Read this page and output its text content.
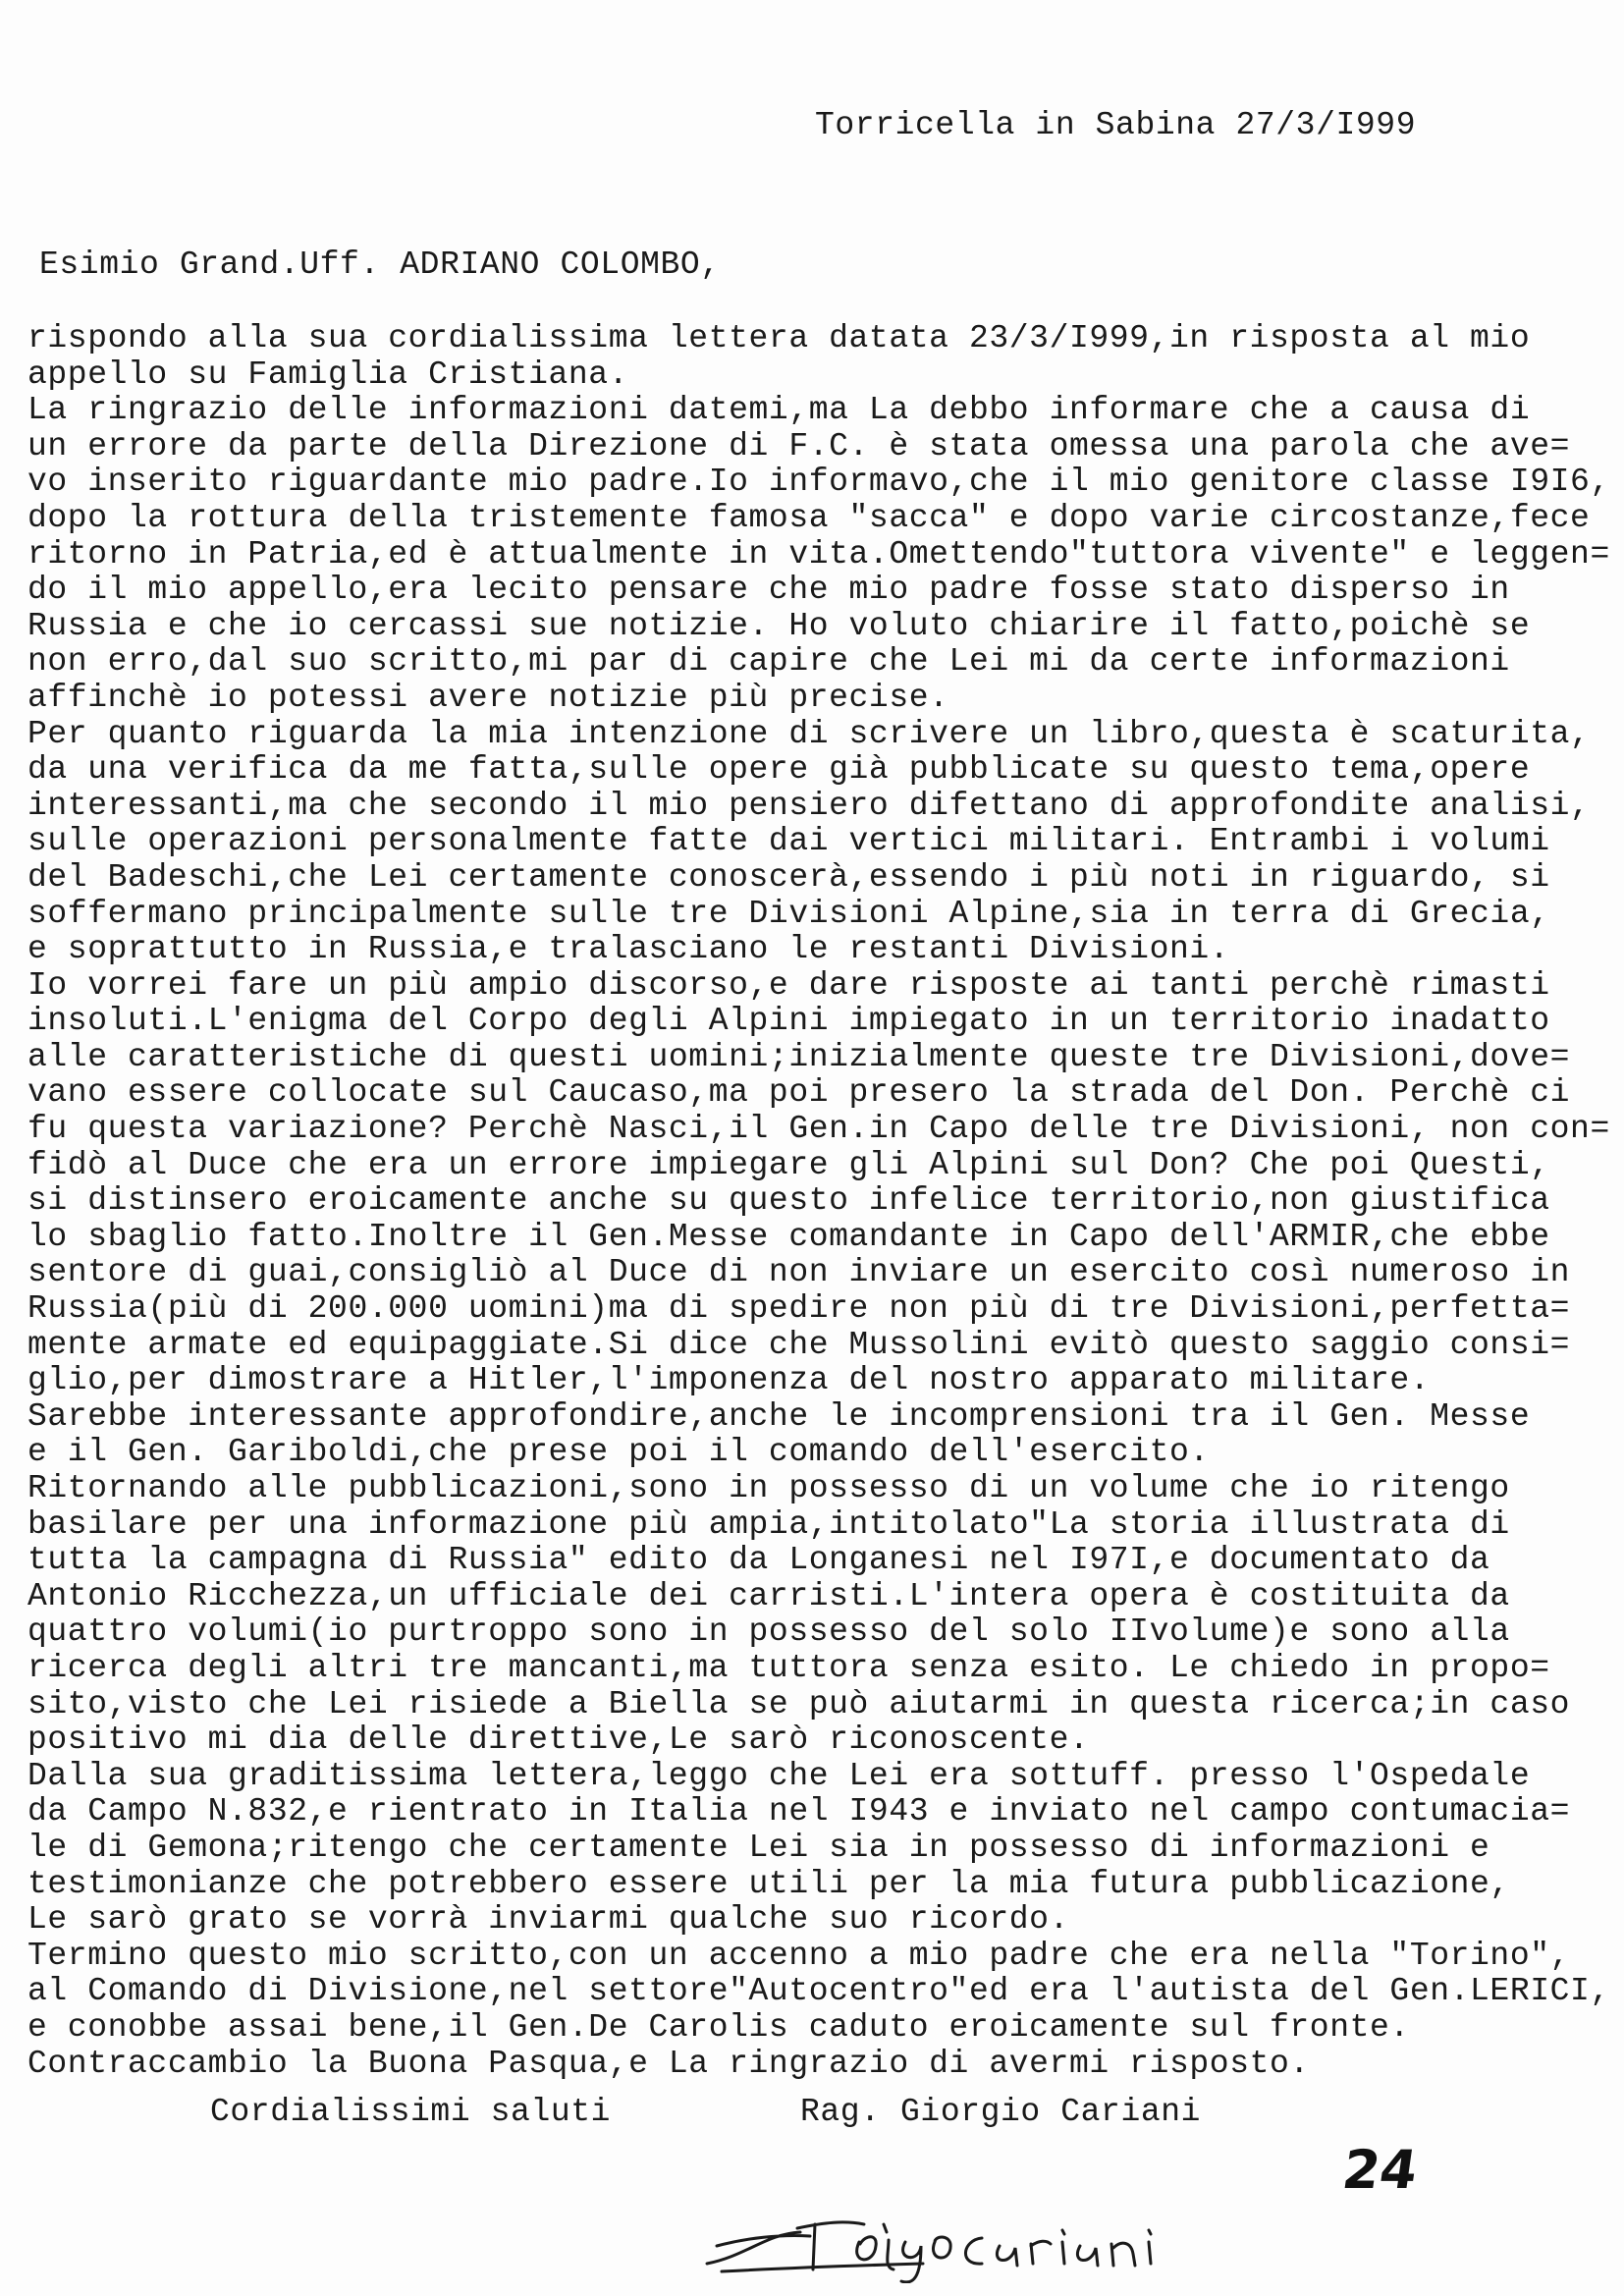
Torricella in Sabina 27/3/I999
Esimio Grand.Uff. ADRIANO COLOMBO,
rispondo alla sua cordialissima lettera datata 23/3/I999,in risposta al mio
appello su Famiglia Cristiana.
La ringrazio delle informazioni datemi,ma La debbo informare che a causa di
un errore da parte della Direzione di F.C. è stata omessa una parola che ave=
vo inserito riguardante mio padre.Io informavo,che il mio genitore classe I9I6,
dopo la rottura della tristemente famosa "sacca" e dopo varie circostanze,fece
ritorno in Patria,ed è attualmente in vita.Omettendo"tuttora vivente" e leggen=
do il mio appello,era lecito pensare che mio padre fosse stato disperso in
Russia e che io cercassi sue notizie. Ho voluto chiarire il fatto,poichè se
non erro,dal suo scritto,mi par di capire che Lei mi da certe informazioni
affinchè io potessi avere notizie più precise.
Per quanto riguarda la mia intenzione di scrivere un libro,questa è scaturita,
da una verifica da me fatta,sulle opere già pubblicate su questo tema,opere
interessanti,ma che secondo il mio pensiero difettano di approfondite analisi,
sulle operazioni personalmente fatte dai vertici militari. Entrambi i volumi
del Badeschi,che Lei certamente conoscerà,essendo i più noti in riguardo, si
soffermano principalmente sulle tre Divisioni Alpine,sia in terra di Grecia,
e soprattutto in Russia,e tralasciano le restanti Divisioni.
Io vorrei fare un più ampio discorso,e dare risposte ai tanti perchè rimasti
insoluti.L'enigma del Corpo degli Alpini impiegato in un territorio inadatto
alle caratteristiche di questi uomini;inizialmente queste tre Divisioni,dove=
vano essere collocate sul Caucaso,ma poi presero la strada del Don. Perchè ci
fu questa variazione? Perchè Nasci,il Gen.in Capo delle tre Divisioni, non con=
fidò al Duce che era un errore impiegare gli Alpini sul Don? Che poi Questi,
si distinsero eroicamente anche su questo infelice territorio,non giustifica
lo sbaglio fatto.Inoltre il Gen.Messe comandante in Capo dell'ARMIR,che ebbe
sentore di guai,consigliò al Duce di non inviare un esercito così numeroso in
Russia(più di 200.000 uomini)ma di spedire non più di tre Divisioni,perfetta=
mente armate ed equipaggiate.Si dice che Mussolini evitò questo saggio consi=
glio,per dimostrare a Hitler,l'imponenza del nostro apparato militare.
Sarebbe interessante approfondire,anche le incomprensioni tra il Gen. Messe
e il Gen. Gariboldi,che prese poi il comando dell'esercito.
Ritornando alle pubblicazioni,sono in possesso di un volume che io ritengo
basilare per una informazione più ampia,intitolato"La storia illustrata di
tutta la campagna di Russia" edito da Longanesi nel I97I,e documentato da
Antonio Ricchezza,un ufficiale dei carristi.L'intera opera è costituita da
quattro volumi(io purtroppo sono in possesso del solo IIvolume)e sono alla
ricerca degli altri tre mancanti,ma tuttora senza esito. Le chiedo in propo=
sito,visto che Lei risiede a Biella se può aiutarmi in questa ricerca;in caso
positivo mi dia delle direttive,Le sarò riconoscente.
Dalla sua graditissima lettera,leggo che Lei era sottuff. presso l'Ospedale
da Campo N.832,e rientrato in Italia nel I943 e inviato nel campo contumacia=
le di Gemona;ritengo che certamente Lei sia in possesso di informazioni e
testimonianze che potrebbero essere utili per la mia futura pubblicazione,
Le sarò grato se vorrà inviarmi qualche suo ricordo.
Termino questo mio scritto,con un accenno a mio padre che era nella "Torino",
al Comando di Divisione,nel settore"Autocentro"ed era l'autista del Gen.LERICI,
e conobbe assai bene,il Gen.De Carolis caduto eroicamente sul fronte.
Contraccambio la Buona Pasqua,e La ringrazio di avermi risposto.
Cordialissimi saluti	Rag. Giorgio Cariani
24
